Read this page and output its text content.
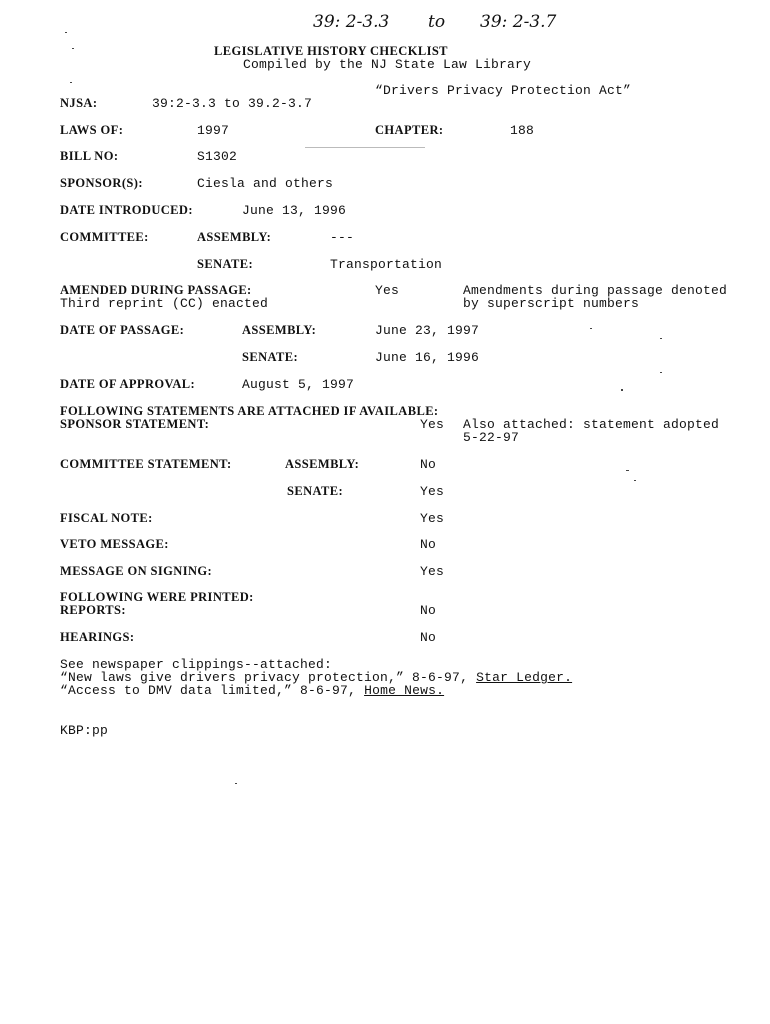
39: 2-3.3 to 39: 2-3.7
LEGISLATIVE HISTORY CHECKLIST
Compiled by the NJ State Law Library
“Drivers Privacy Protection Act”
NJSA:	39:2-3.3 to 39.2-3.7
LAWS OF:	1997	CHAPTER:	188
BILL NO:	S1302
SPONSOR(S):	Ciesla and others
DATE INTRODUCED:	June 13, 1996
COMMITTEE:	ASSEMBLY:	---
SENATE:	Transportation
AMENDED DURING PASSAGE:	Yes	Amendments during passage denoted
Third reprint (CC) enacted	by superscript numbers
DATE OF PASSAGE:	ASSEMBLY:	June 23, 1997
SENATE:	June 16, 1996
DATE OF APPROVAL:	August 5, 1997
FOLLOWING STATEMENTS ARE ATTACHED IF AVAILABLE:
SPONSOR STATEMENT:	Yes Also attached: statement adopted
5-22-97
COMMITTEE STATEMENT:	ASSEMBLY:	No
SENATE:	Yes
FISCAL NOTE:	Yes
VETO MESSAGE:	No
MESSAGE ON SIGNING:	Yes
FOLLOWING WERE PRINTED:
REPORTS:	No
HEARINGS:	No
See newspaper clippings--attached:
“New laws give drivers privacy protection,” 8-6-97, Star Ledger.
“Access to DMV data limited,” 8-6-97, Home News.
KBP:pp
